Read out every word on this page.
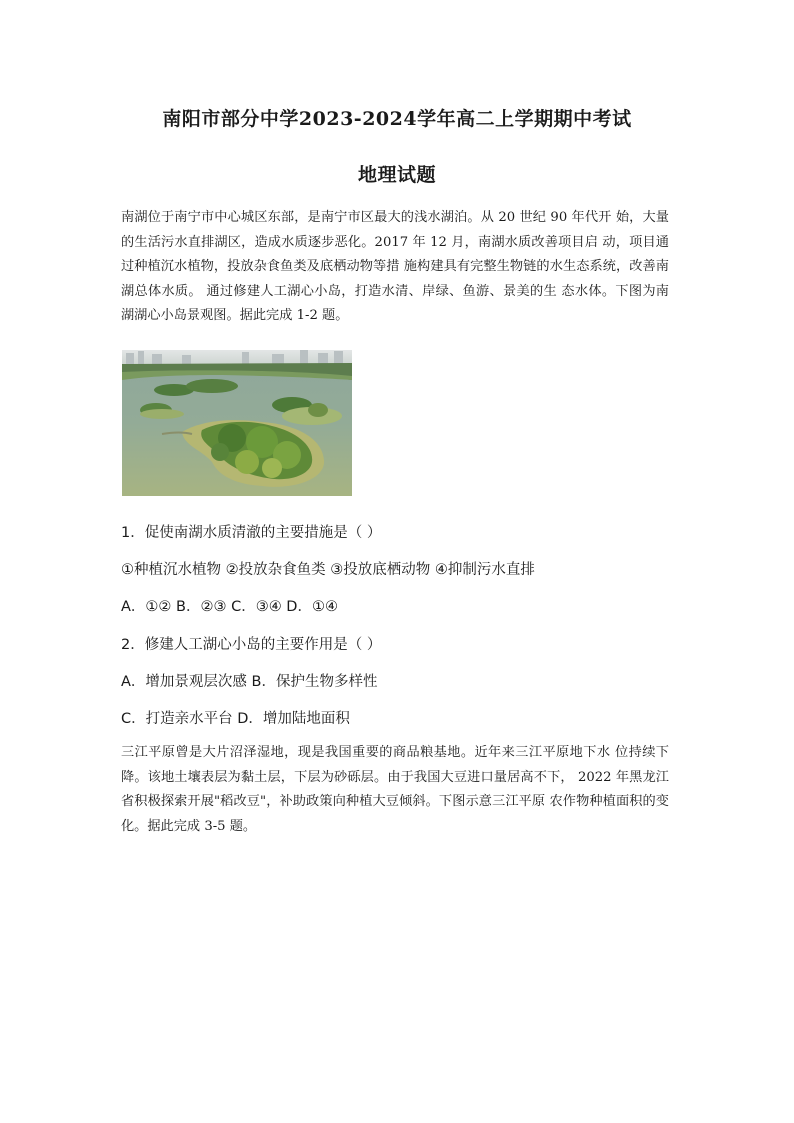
南阳市部分中学2023-2024学年高二上学期期中考试
地理试题
南湖位于南宁市中心城区东部，是南宁市区最大的浅水湖泊。从 20 世纪 90 年代开 始，大量的生活污水直排湖区，造成水质逐步恶化。2017 年 12 月，南湖水质改善项目启 动，项目通过种植沉水植物，投放杂食鱼类及底栖动物等措 施构建具有完整生物链的水生态系统，改善南湖总体水质。 通过修建人工湖心小岛，打造水清、岸绿、鱼游、景美的生 态水体。下图为南湖湖心小岛景观图。据此完成 1-2 题。
1．促使南湖水质清澈的主要措施是（ ）
①种植沉水植物 ②投放杂食鱼类 ③投放底栖动物 ④抑制污水直排
A．①② B．②③ C．③④ D．①④
2．修建人工湖心小岛的主要作用是（ ）
A．增加景观层次感 B．保护生物多样性
C．打造亲水平台 D．增加陆地面积
三江平原曾是大片沼泽湿地，现是我国重要的商品粮基地。近年来三江平原地下水 位持续下降。该地土壤表层为黏土层，下层为砂砾层。由于我国大豆进口量居高不下， 2022 年黑龙江省积极探索开展"稻改豆"，补助政策向种植大豆倾斜。下图示意三江平原 农作物种植面积的变化。据此完成 3-5 题。
